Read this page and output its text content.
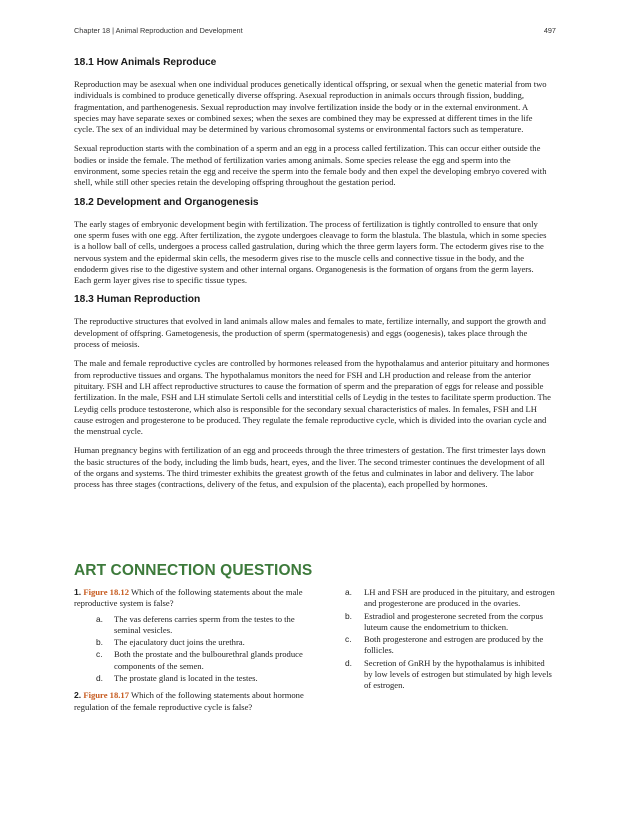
Chapter 18 | Animal Reproduction and Development	497
18.1 How Animals Reproduce

Reproduction may be asexual when one individual produces genetically identical offspring, or sexual when the genetic material from two individuals is combined to produce genetically diverse offspring. Asexual reproduction in animals occurs through fission, budding, fragmentation, and parthenogenesis. Sexual reproduction may involve fertilization inside the body or in the external environment. A species may have separate sexes or combined sexes; when the sexes are combined they may be expressed at different times in the life cycle. The sex of an individual may be determined by various chromosomal systems or environmental factors such as temperature.

Sexual reproduction starts with the combination of a sperm and an egg in a process called fertilization. This can occur either outside the bodies or inside the female. The method of fertilization varies among animals. Some species release the egg and sperm into the environment, some species retain the egg and receive the sperm into the female body and then expel the developing embryo covered with shell, while still other species retain the developing offspring throughout the gestation period.

18.2 Development and Organogenesis

The early stages of embryonic development begin with fertilization. The process of fertilization is tightly controlled to ensure that only one sperm fuses with one egg. After fertilization, the zygote undergoes cleavage to form the blastula. The blastula, which in some species is a hollow ball of cells, undergoes a process called gastrulation, during which the three germ layers form. The ectoderm gives rise to the nervous system and the epidermal skin cells, the mesoderm gives rise to the muscle cells and connective tissue in the body, and the endoderm gives rise to the digestive system and other internal organs. Organogenesis is the formation of organs from the germ layers. Each germ layer gives rise to specific tissue types.

18.3 Human Reproduction

The reproductive structures that evolved in land animals allow males and females to mate, fertilize internally, and support the growth and development of offspring. Gametogenesis, the production of sperm (spermatogenesis) and eggs (oogenesis), takes place through the process of meiosis.

The male and female reproductive cycles are controlled by hormones released from the hypothalamus and anterior pituitary and hormones from reproductive tissues and organs. The hypothalamus monitors the need for FSH and LH production and release from the anterior pituitary. FSH and LH affect reproductive structures to cause the formation of sperm and the preparation of eggs for release and possible fertilization. In the male, FSH and LH stimulate Sertoli cells and interstitial cells of Leydig in the testes to facilitate sperm production. The Leydig cells produce testosterone, which also is responsible for the secondary sexual characteristics of males. In females, FSH and LH cause estrogen and progesterone to be produced. They regulate the female reproductive cycle, which is divided into the ovarian cycle and the menstrual cycle.

Human pregnancy begins with fertilization of an egg and proceeds through the three trimesters of gestation. The first trimester lays down the basic structures of the body, including the limb buds, heart, eyes, and the liver. The second trimester continues the development of all of the organs and systems. The third trimester exhibits the greatest growth of the fetus and culminates in labor and delivery. The labor process has three stages (contractions, delivery of the fetus, and expulsion of the placenta), each propelled by hormones.

ART CONNECTION QUESTIONS
1. Figure 18.12 Which of the following statements about the male reproductive system is false?
a. The vas deferens carries sperm from the testes to the seminal vesicles.
b. The ejaculatory duct joins the urethra.
c. Both the prostate and the bulbourethral glands produce components of the semen.
d. The prostate gland is located in the testes.
2. Figure 18.17 Which of the following statements about hormone regulation of the female reproductive cycle is false?
a. LH and FSH are produced in the pituitary, and estrogen and progesterone are produced in the ovaries.
b. Estradiol and progesterone secreted from the corpus luteum cause the endometrium to thicken.
c. Both progesterone and estrogen are produced by the follicles.
d. Secretion of GnRH by the hypothalamus is inhibited by low levels of estrogen but stimulated by high levels of estrogen.
